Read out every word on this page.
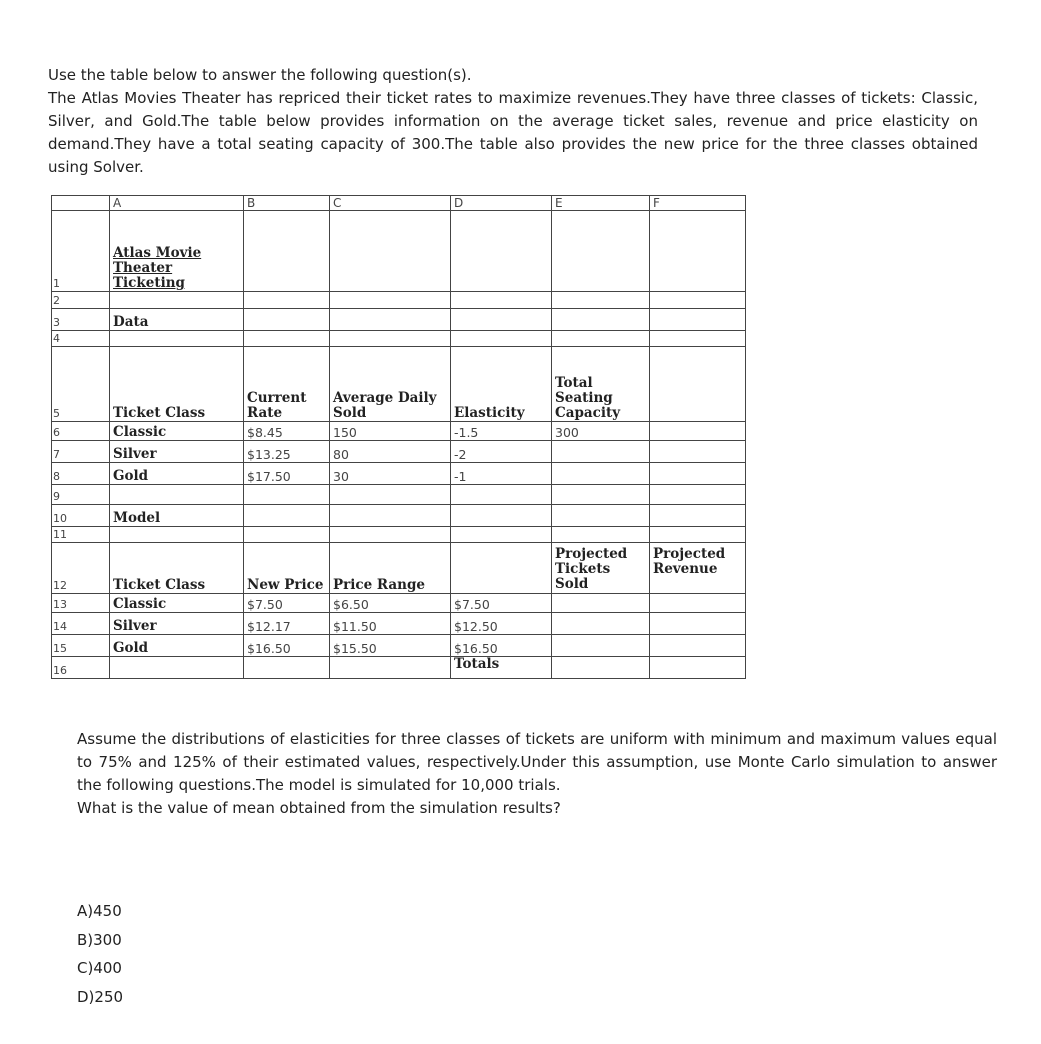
Use the table below to answer the following question(s).

The Atlas Movies Theater has repriced their ticket rates to maximize revenues.They have three classes of tickets: Classic, Silver, and Gold.The table below provides information on the average ticket sales, revenue and price elasticity on demand.They have a total seating capacity of 300.The table also provides the new price for the three classes obtained using Solver.

	A	B	C	D	E	F
1	Atlas Movie Theater Ticketing					
2						
3	Data					
4						
5	Ticket Class	Current Rate	Average Daily Sold	Elasticity	Total Seating Capacity	
6	Classic	$8.45	150	-1.5	300	
7	Silver	$13.25	80	-2		
8	Gold	$17.50	30	-1		
9						
10	Model					
11						
12	Ticket Class	New Price	Price Range		Projected Tickets Sold	Projected Revenue
13	Classic	$7.50	$6.50	$7.50		
14	Silver	$12.17	$11.50	$12.50		
15	Gold	$16.50	$15.50	$16.50		
16				Totals		

Assume the distributions of elasticities for three classes of tickets are uniform with minimum and maximum values equal to 75% and 125% of their estimated values, respectively.Under this assumption, use Monte Carlo simulation to answer the following questions.The model is simulated for 10,000 trials.

What is the value of mean obtained from the simulation results?

A)450
B)300
C)400
D)250
